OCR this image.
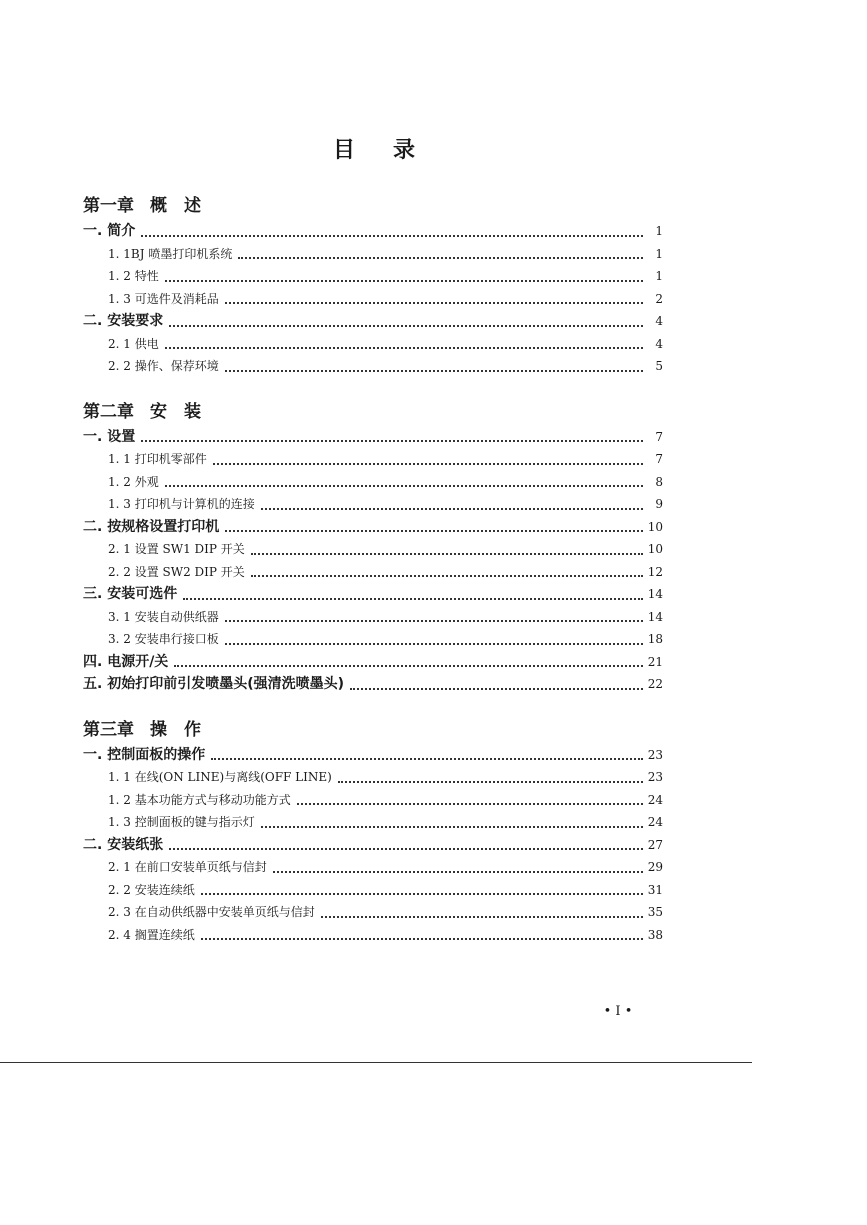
目 录
第一章 概　述
一. 简介	1
1. 1BJ 喷墨打印机系统	1
1. 2 特性	1
1. 3 可选件及消耗品	2
二. 安装要求	4
2. 1 供电	4
2. 2 操作、保荐环境	5
第二章 安　装
一. 设置	7
1. 1 打印机零部件	7
1. 2 外观	8
1. 3 打印机与计算机的连接	9
二. 按规格设置打印机	10
2. 1 设置 SW1 DIP 开关	10
2. 2 设置 SW2 DIP 开关	12
三. 安装可选件	14
3. 1 安装自动供纸器	14
3. 2 安装串行接口板	18
四. 电源开/关	21
五. 初始打印前引发喷墨头(强清洗喷墨头)	22
第三章 操　作
一. 控制面板的操作	23
1. 1 在线(ON LINE)与离线(OFF LINE)	23
1. 2 基本功能方式与移动功能方式	24
1. 3 控制面板的键与指示灯	24
二. 安装纸张	27
2. 1 在前口安装单页纸与信封	29
2. 2 安装连续纸	31
2. 3 在自动供纸器中安装单页纸与信封	35
2. 4 搁置连续纸	38
• I •
